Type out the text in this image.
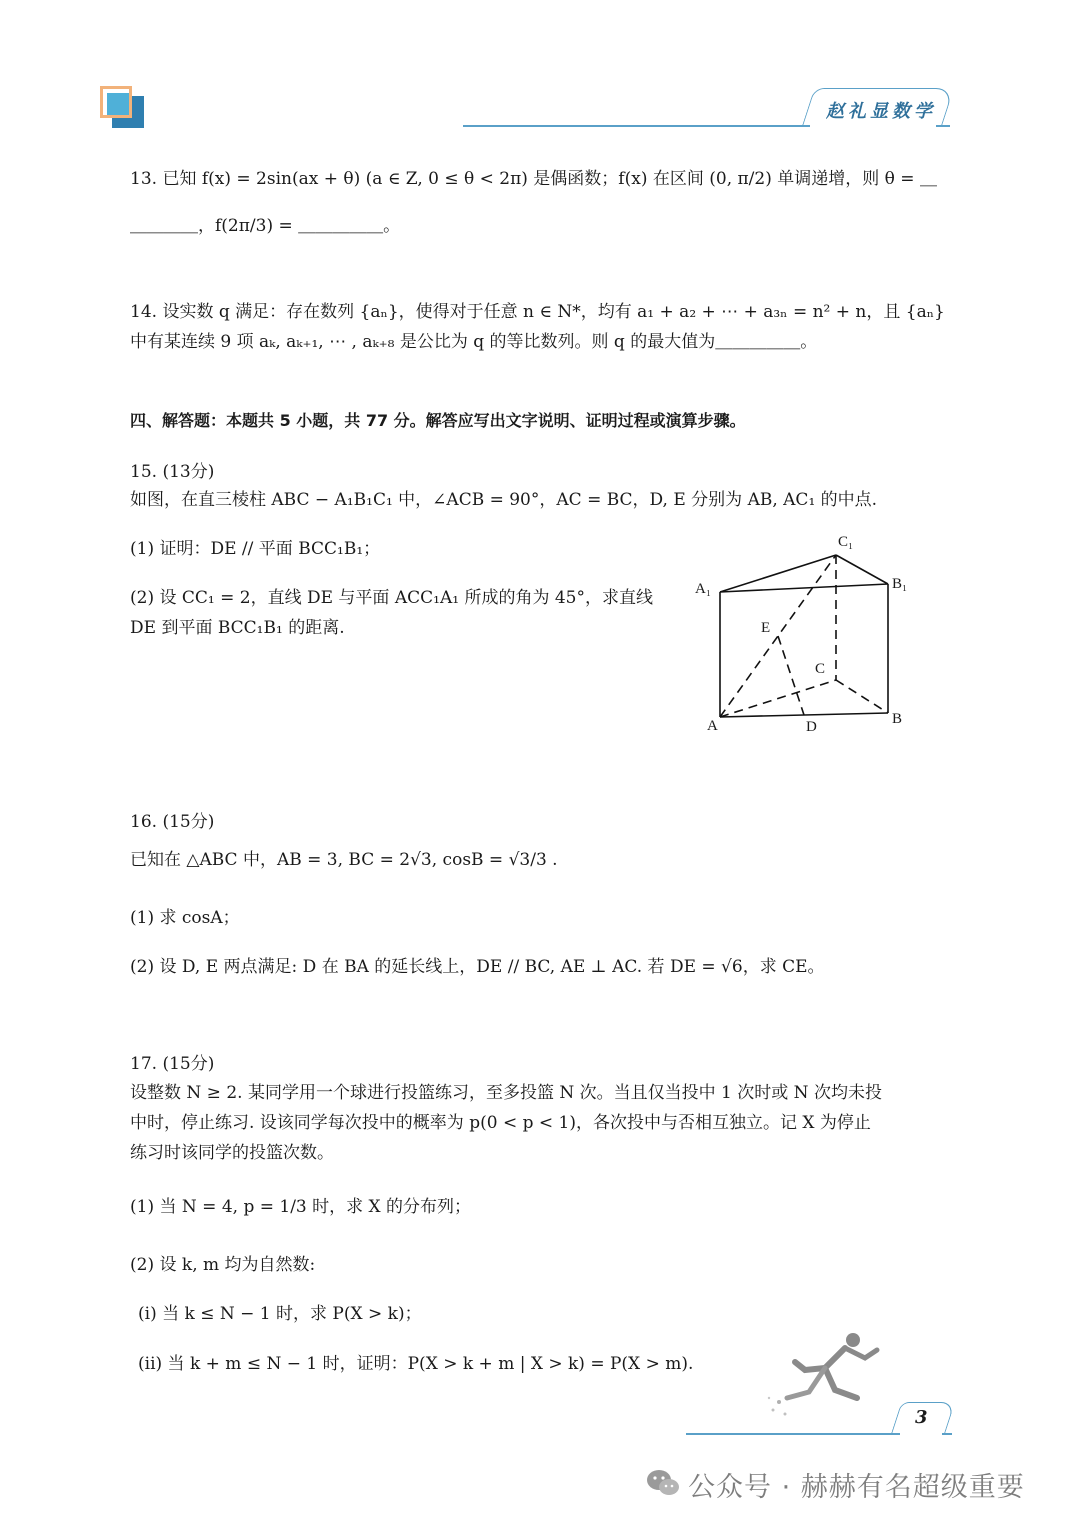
赵礼显数学
13. 已知 f(x) = 2sin(ax + θ) (a ∈ Z, 0 ≤ θ < 2π) 是偶函数；f(x) 在区间 (0, π/2) 单调递增，则 θ = ＿
＿＿＿＿，f(2π/3) = ＿＿＿＿＿。
14. 设实数 q 满足：存在数列 {aₙ}，使得对于任意 n ∈ N*，均有 a₁ + a₂ + ⋯ + a₃ₙ = n² + n，且 {aₙ}
中有某连续 9 项 aₖ, aₖ₊₁, ⋯ , aₖ₊₈ 是公比为 q 的等比数列。则 q 的最大值为＿＿＿＿＿。
四、解答题：本题共 5 小题，共 77 分。解答应写出文字说明、证明过程或演算步骤。
15. (13分)
如图，在直三棱柱 ABC − A₁B₁C₁ 中，∠ACB = 90°，AC = BC，D, E 分别为 AB, AC₁ 的中点.
(1) 证明：DE // 平面 BCC₁B₁；
(2) 设 CC₁ = 2，直线 DE 与平面 ACC₁A₁ 所成的角为 45°，求直线
DE 到平面 BCC₁B₁ 的距离.
C₁
B₁
A₁
E
C
A	D	B
16. (15分)
已知在 △ABC 中，AB = 3, BC = 2√3, cosB = √3/3 .
(1) 求 cosA；
(2) 设 D, E 两点满足: D 在 BA 的延长线上，DE // BC, AE ⊥ AC. 若 DE = √6，求 CE。
17. (15分)
设整数 N ≥ 2. 某同学用一个球进行投篮练习，至多投篮 N 次。当且仅当投中 1 次时或 N 次均未投
中时，停止练习. 设该同学每次投中的概率为 p(0 < p < 1)，各次投中与否相互独立。记 X 为停止
练习时该同学的投篮次数。
(1) 当 N = 4, p = 1/3 时，求 X 的分布列；
(2) 设 k, m 均为自然数:
(i) 当 k ≤ N − 1 时，求 P(X > k)；
(ii) 当 k + m ≤ N − 1 时，证明：P(X > k + m | X > k) = P(X > m).
3
公众号 · 赫赫有名超级重要
